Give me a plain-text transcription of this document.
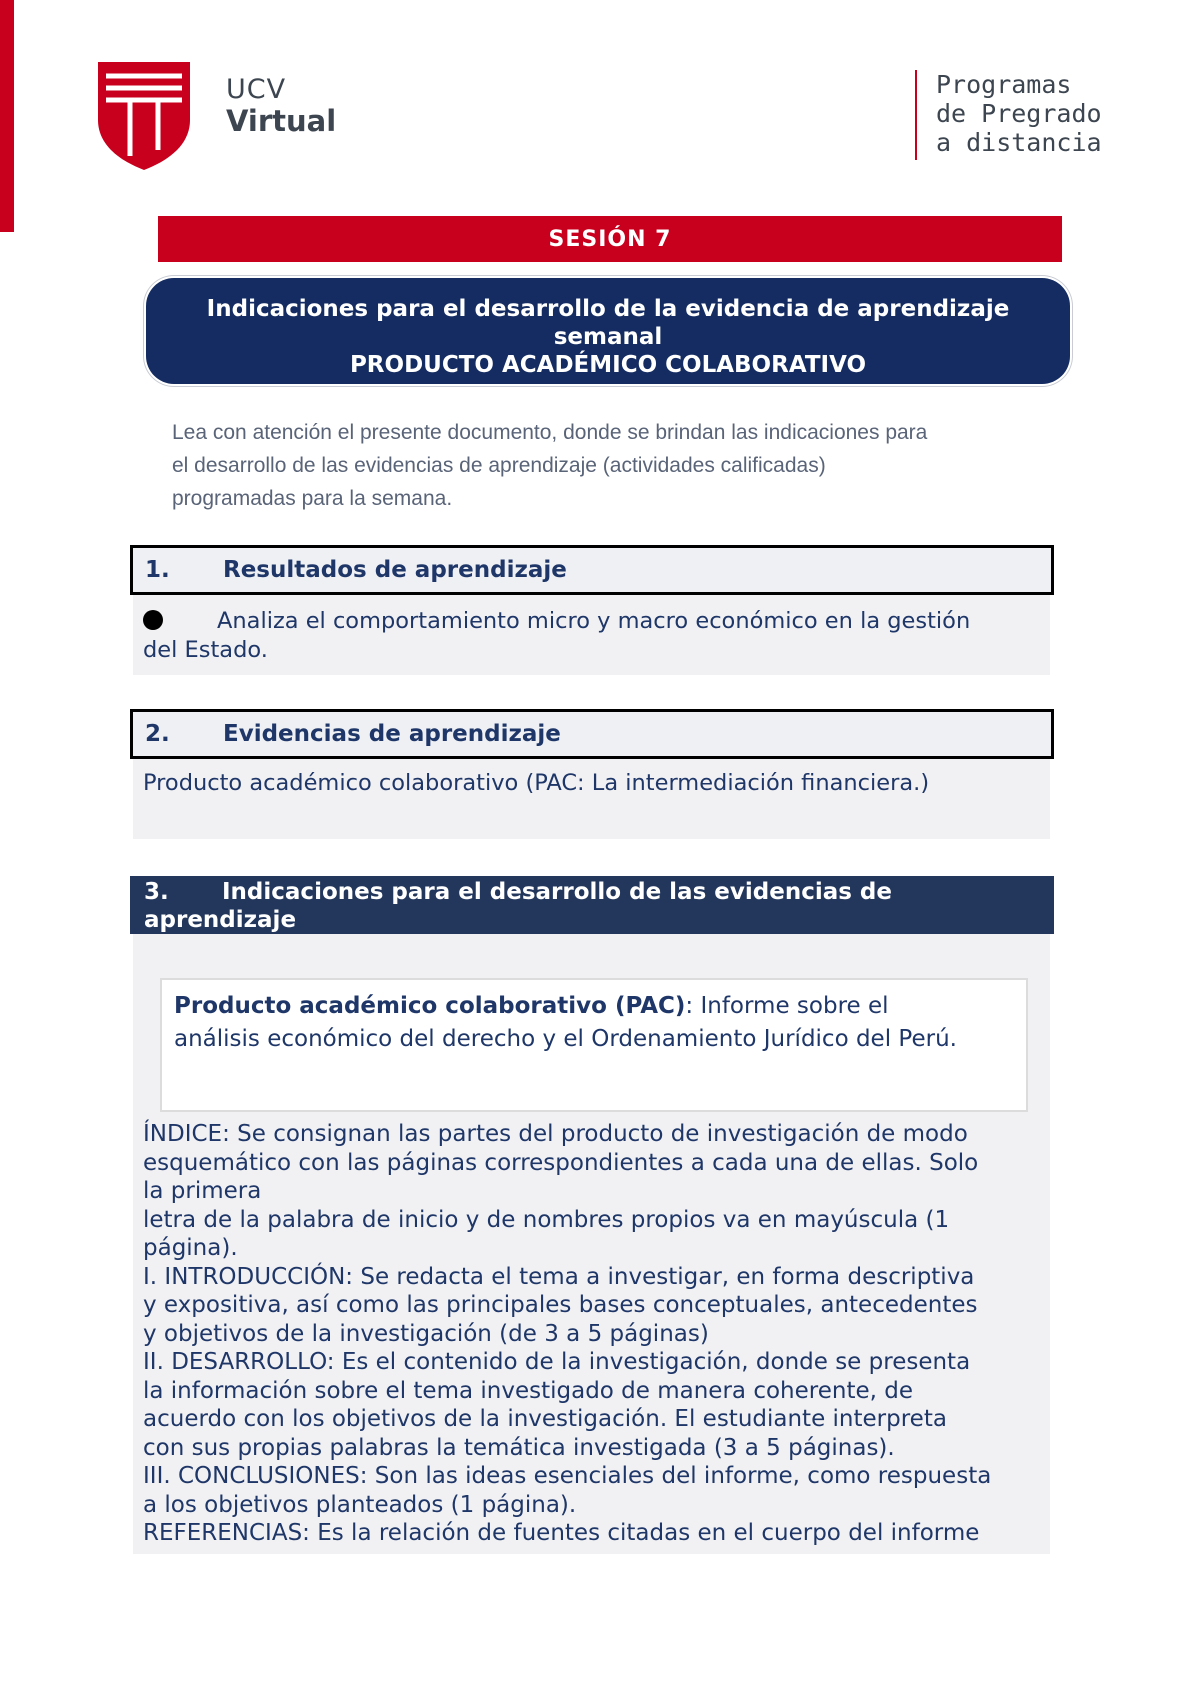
UCV
Virtual
Programas
de Pregrado
a distancia
SESIÓN 7
Indicaciones para el desarrollo de la evidencia de aprendizaje
semanal
PRODUCTO ACADÉMICO COLABORATIVO
Lea con atención el presente documento, donde se brindan las indicaciones para
el desarrollo de las evidencias de aprendizaje (actividades calificadas)
programadas para la semana.
1.	Resultados de aprendizaje
Analiza el comportamiento micro y macro económico en la gestión
del Estado.
2.	Evidencias de aprendizaje
Producto académico colaborativo (PAC: La intermediación financiera.)
3. Indicaciones para el desarrollo de las evidencias de
aprendizaje
Producto académico colaborativo (PAC): Informe sobre el
análisis económico del derecho y el Ordenamiento Jurídico del Perú.
ÍNDICE: Se consignan las partes del producto de investigación de modo
esquemático con las páginas correspondientes a cada una de ellas. Solo
la primera
letra de la palabra de inicio y de nombres propios va en mayúscula (1
página).
I. INTRODUCCIÓN: Se redacta el tema a investigar, en forma descriptiva
y expositiva, así como las principales bases conceptuales, antecedentes
y objetivos de la investigación (de 3 a 5 páginas)
II. DESARROLLO: Es el contenido de la investigación, donde se presenta
la información sobre el tema investigado de manera coherente, de
acuerdo con los objetivos de la investigación. El estudiante interpreta
con sus propias palabras la temática investigada (3 a 5 páginas).
III. CONCLUSIONES: Son las ideas esenciales del informe, como respuesta
a los objetivos planteados (1 página).
REFERENCIAS: Es la relación de fuentes citadas en el cuerpo del informe
